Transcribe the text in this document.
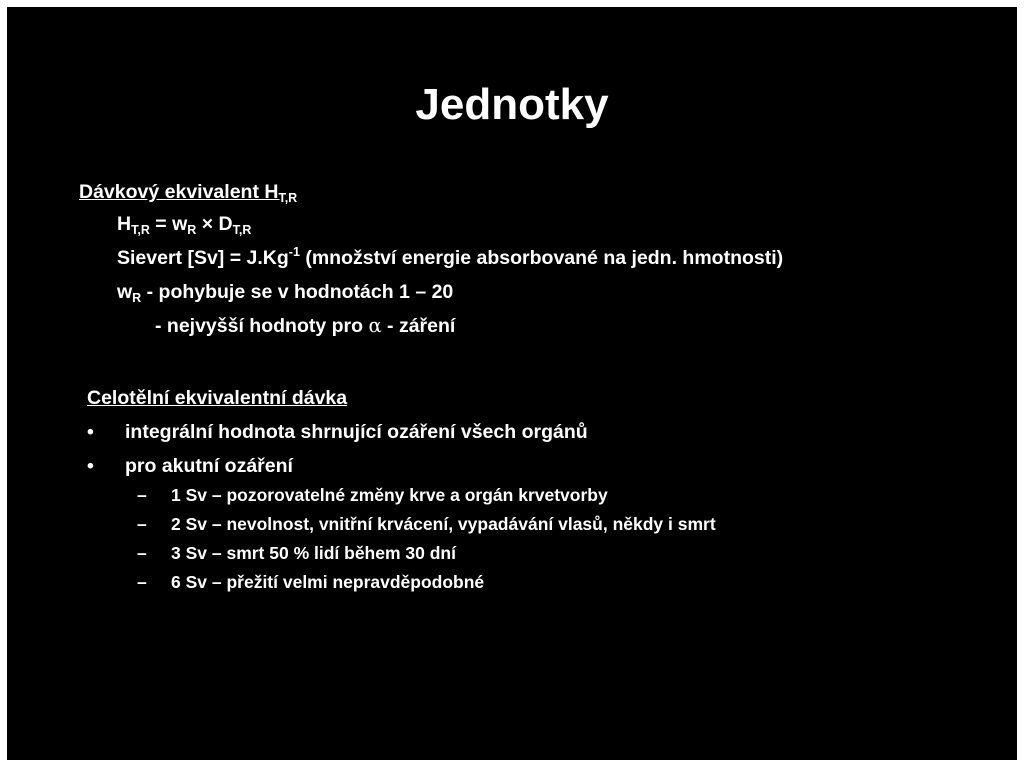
Jednotky
Dávkový ekvivalent $H_{T,R}$
$H_{T,R} = w_R \times D_{T,R}$
Sievert $[Sv] = J.Kg^{-1}$ (množství energie absorbované na jedn. hmotnosti)
$w_R$ - pohybuje se v hodnotách 1 – 20
- nejvyšší hodnoty pro α - záření
Celotělní ekvivalentní dávka
• integrální hodnota shrnující ozáření všech orgánů
• pro akutní ozáření
– 1 Sv – pozorovatelné změny krve a orgán krvetvorby
– 2 Sv – nevolnost, vnitřní krvácení, vypadávání vlasů, někdy i smrt
– 3 Sv – smrt 50 % lidí během 30 dní
– 6 Sv – přežití velmi nepravděpodobné
